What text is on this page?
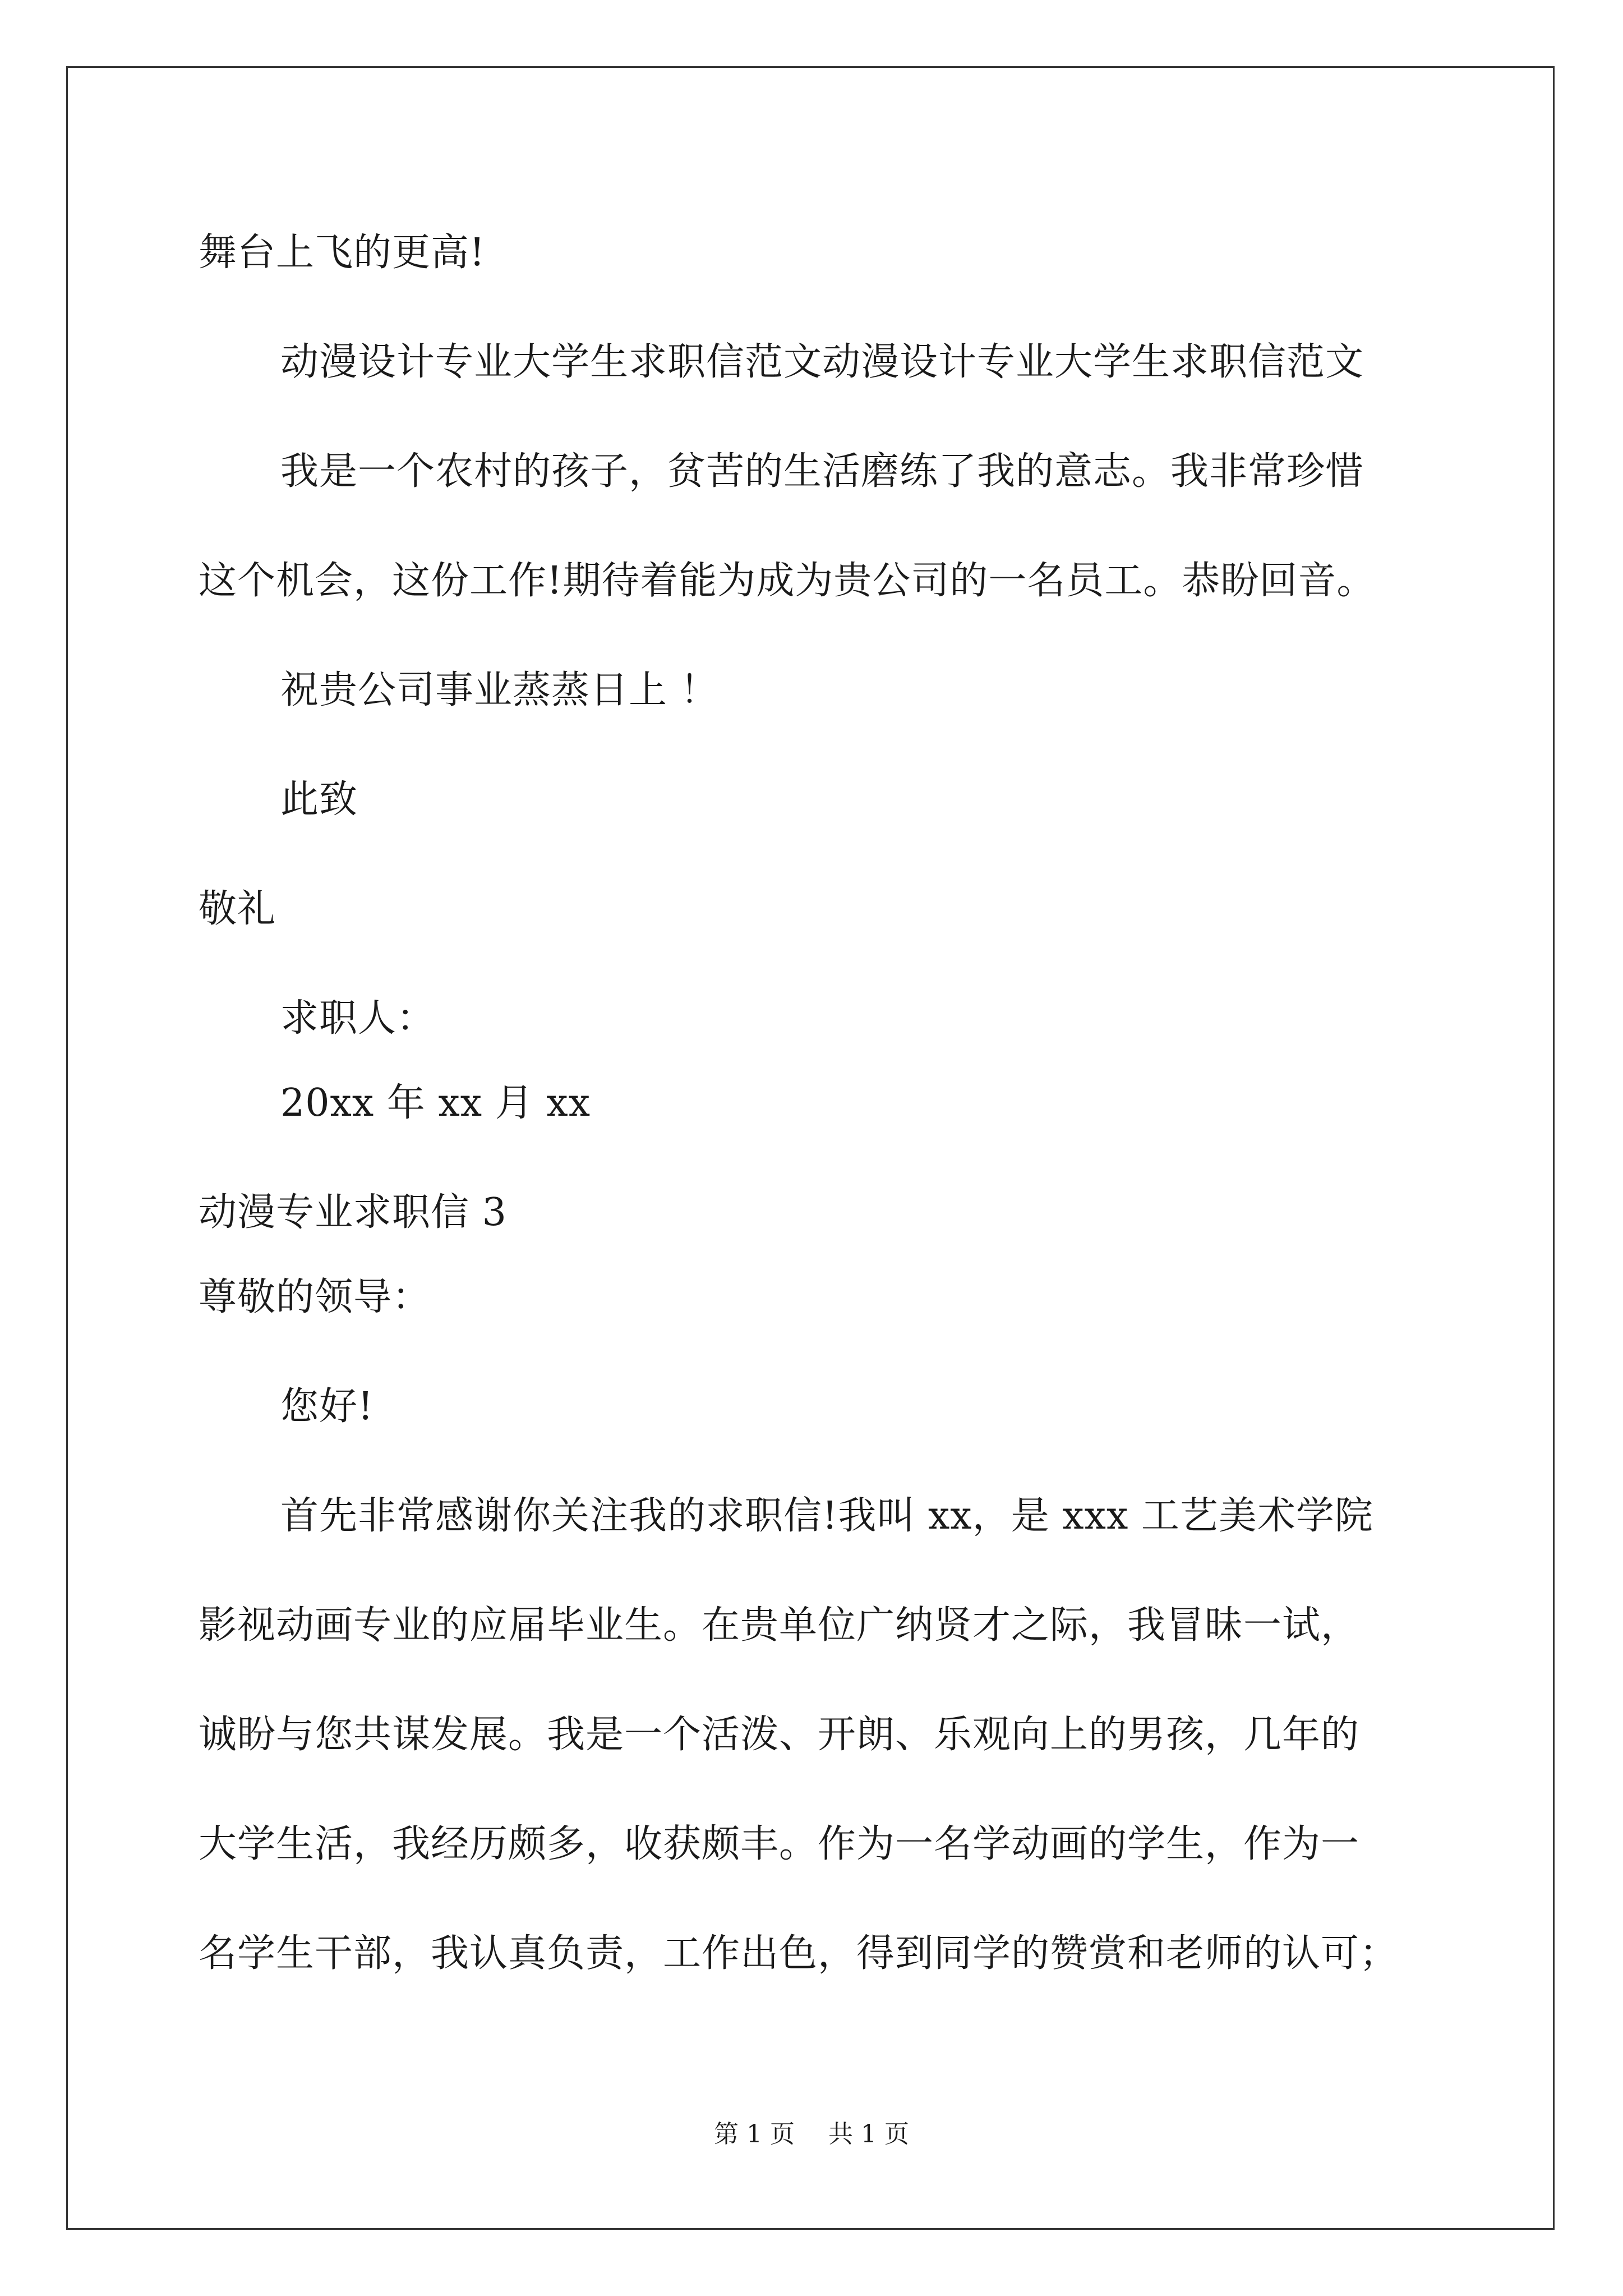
舞台上飞的更高!
动漫设计专业大学生求职信范文动漫设计专业大学生求职信范文
我是一个农村的孩子，贫苦的生活磨练了我的意志。我非常珍惜
这个机会，这份工作!期待着能为成为贵公司的一名员工。恭盼回音。
祝贵公司事业蒸蒸日上 ！
此致
敬礼
求职人：
20xx 年 xx 月 xx
动漫专业求职信 3
尊敬的领导：
您好!
首先非常感谢你关注我的求职信!我叫 xx，是 xxx 工艺美术学院
影视动画专业的应届毕业生。在贵单位广纳贤才之际，我冒昧一试，
诚盼与您共谋发展。我是一个活泼、开朗、乐观向上的男孩，几年的
大学生活，我经历颇多，收获颇丰。作为一名学动画的学生，作为一
名学生干部，我认真负责，工作出色，得到同学的赞赏和老师的认可；
第 1 页 共 1 页
